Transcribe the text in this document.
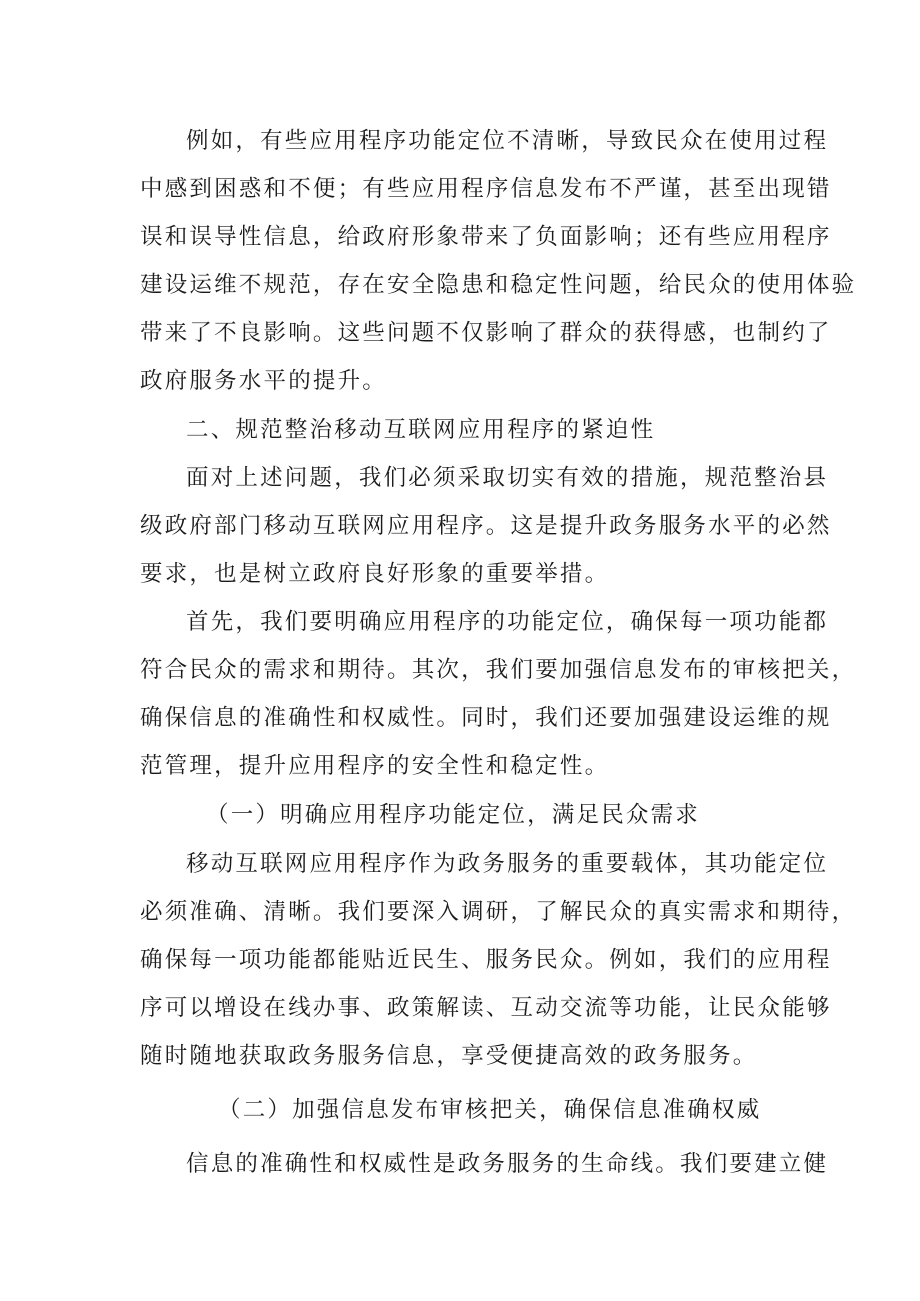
例如，有些应用程序功能定位不清晰，导致民众在使用过程

中感到困惑和不便；有些应用程序信息发布不严谨，甚至出现错

误和误导性信息，给政府形象带来了负面影响；还有些应用程序

建设运维不规范，存在安全隐患和稳定性问题，给民众的使用体验

带来了不良影响。这些问题不仅影响了群众的获得感，也制约了

政府服务水平的提升。

二、规范整治移动互联网应用程序的紧迫性

面对上述问题，我们必须采取切实有效的措施，规范整治县

级政府部门移动互联网应用程序。这是提升政务服务水平的必然

要求，也是树立政府良好形象的重要举措。

首先，我们要明确应用程序的功能定位，确保每一项功能都

符合民众的需求和期待。其次，我们要加强信息发布的审核把关，

确保信息的准确性和权威性。同时，我们还要加强建设运维的规

范管理，提升应用程序的安全性和稳定性。

（一）明确应用程序功能定位，满足民众需求

移动互联网应用程序作为政务服务的重要载体，其功能定位

必须准确、清晰。我们要深入调研，了解民众的真实需求和期待，

确保每一项功能都能贴近民生、服务民众。例如，我们的应用程

序可以增设在线办事、政策解读、互动交流等功能，让民众能够

随时随地获取政务服务信息，享受便捷高效的政务服务。

（二）加强信息发布审核把关，确保信息准确权威

信息的准确性和权威性是政务服务的生命线。我们要建立健
